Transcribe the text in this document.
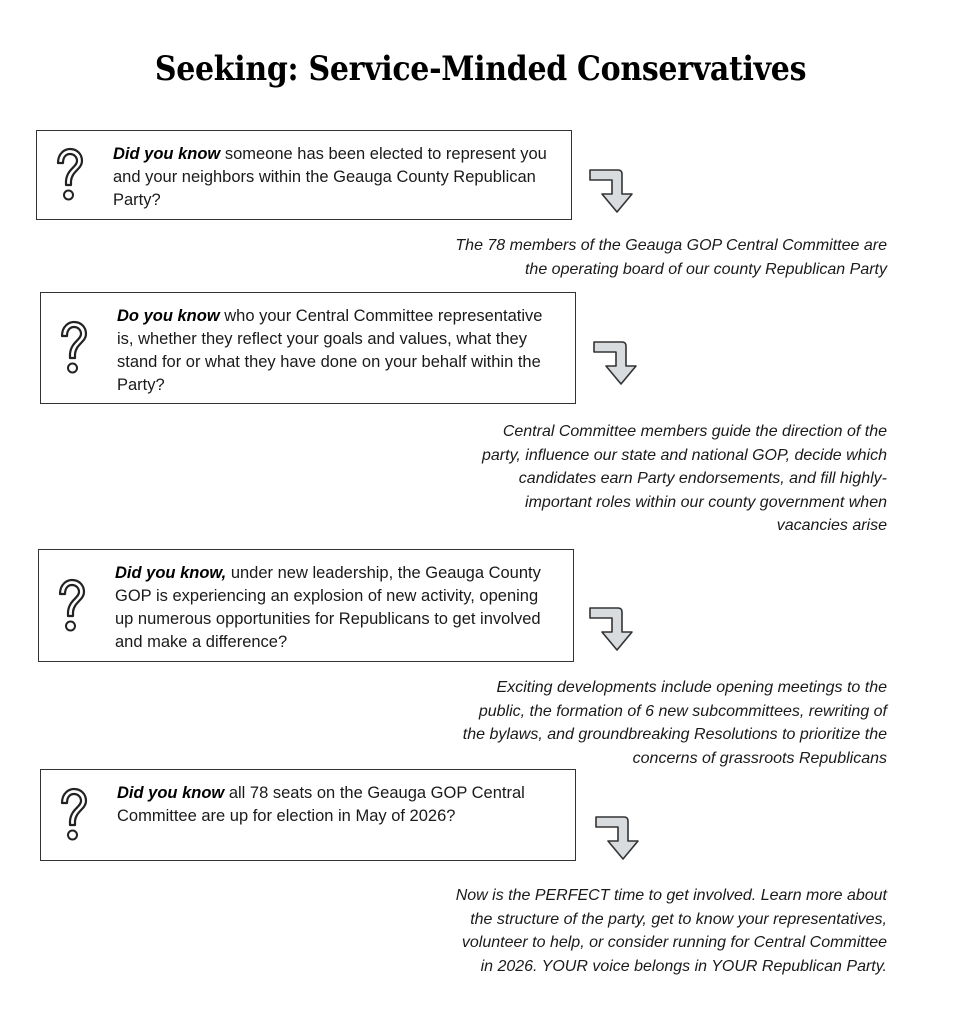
Seeking: Service-Minded Conservatives
Did you know someone has been elected to represent you and your neighbors within the Geauga County Republican Party?
The 78 members of the Geauga GOP Central Committee are
the operating board of our county Republican Party
Do you know who your Central Committee representative is, whether they reflect your goals and values, what they stand for or what they have done on your behalf within the Party?
Central Committee members guide the direction of the
party, influence our state and national GOP, decide which
candidates earn Party endorsements, and fill highly-
important roles within our county government when
vacancies arise
Did you know, under new leadership, the Geauga County GOP is experiencing an explosion of new activity, opening up numerous opportunities for Republicans to get involved and make a difference?
Exciting developments include opening meetings to the
public, the formation of 6 new subcommittees, rewriting of
the bylaws, and groundbreaking Resolutions to prioritize the
concerns of grassroots Republicans
Did you know all 78 seats on the Geauga GOP Central Committee are up for election in May of 2026?
Now is the PERFECT time to get involved. Learn more about
the structure of the party, get to know your representatives,
volunteer to help, or consider running for Central Committee
in 2026. YOUR voice belongs in YOUR Republican Party.
